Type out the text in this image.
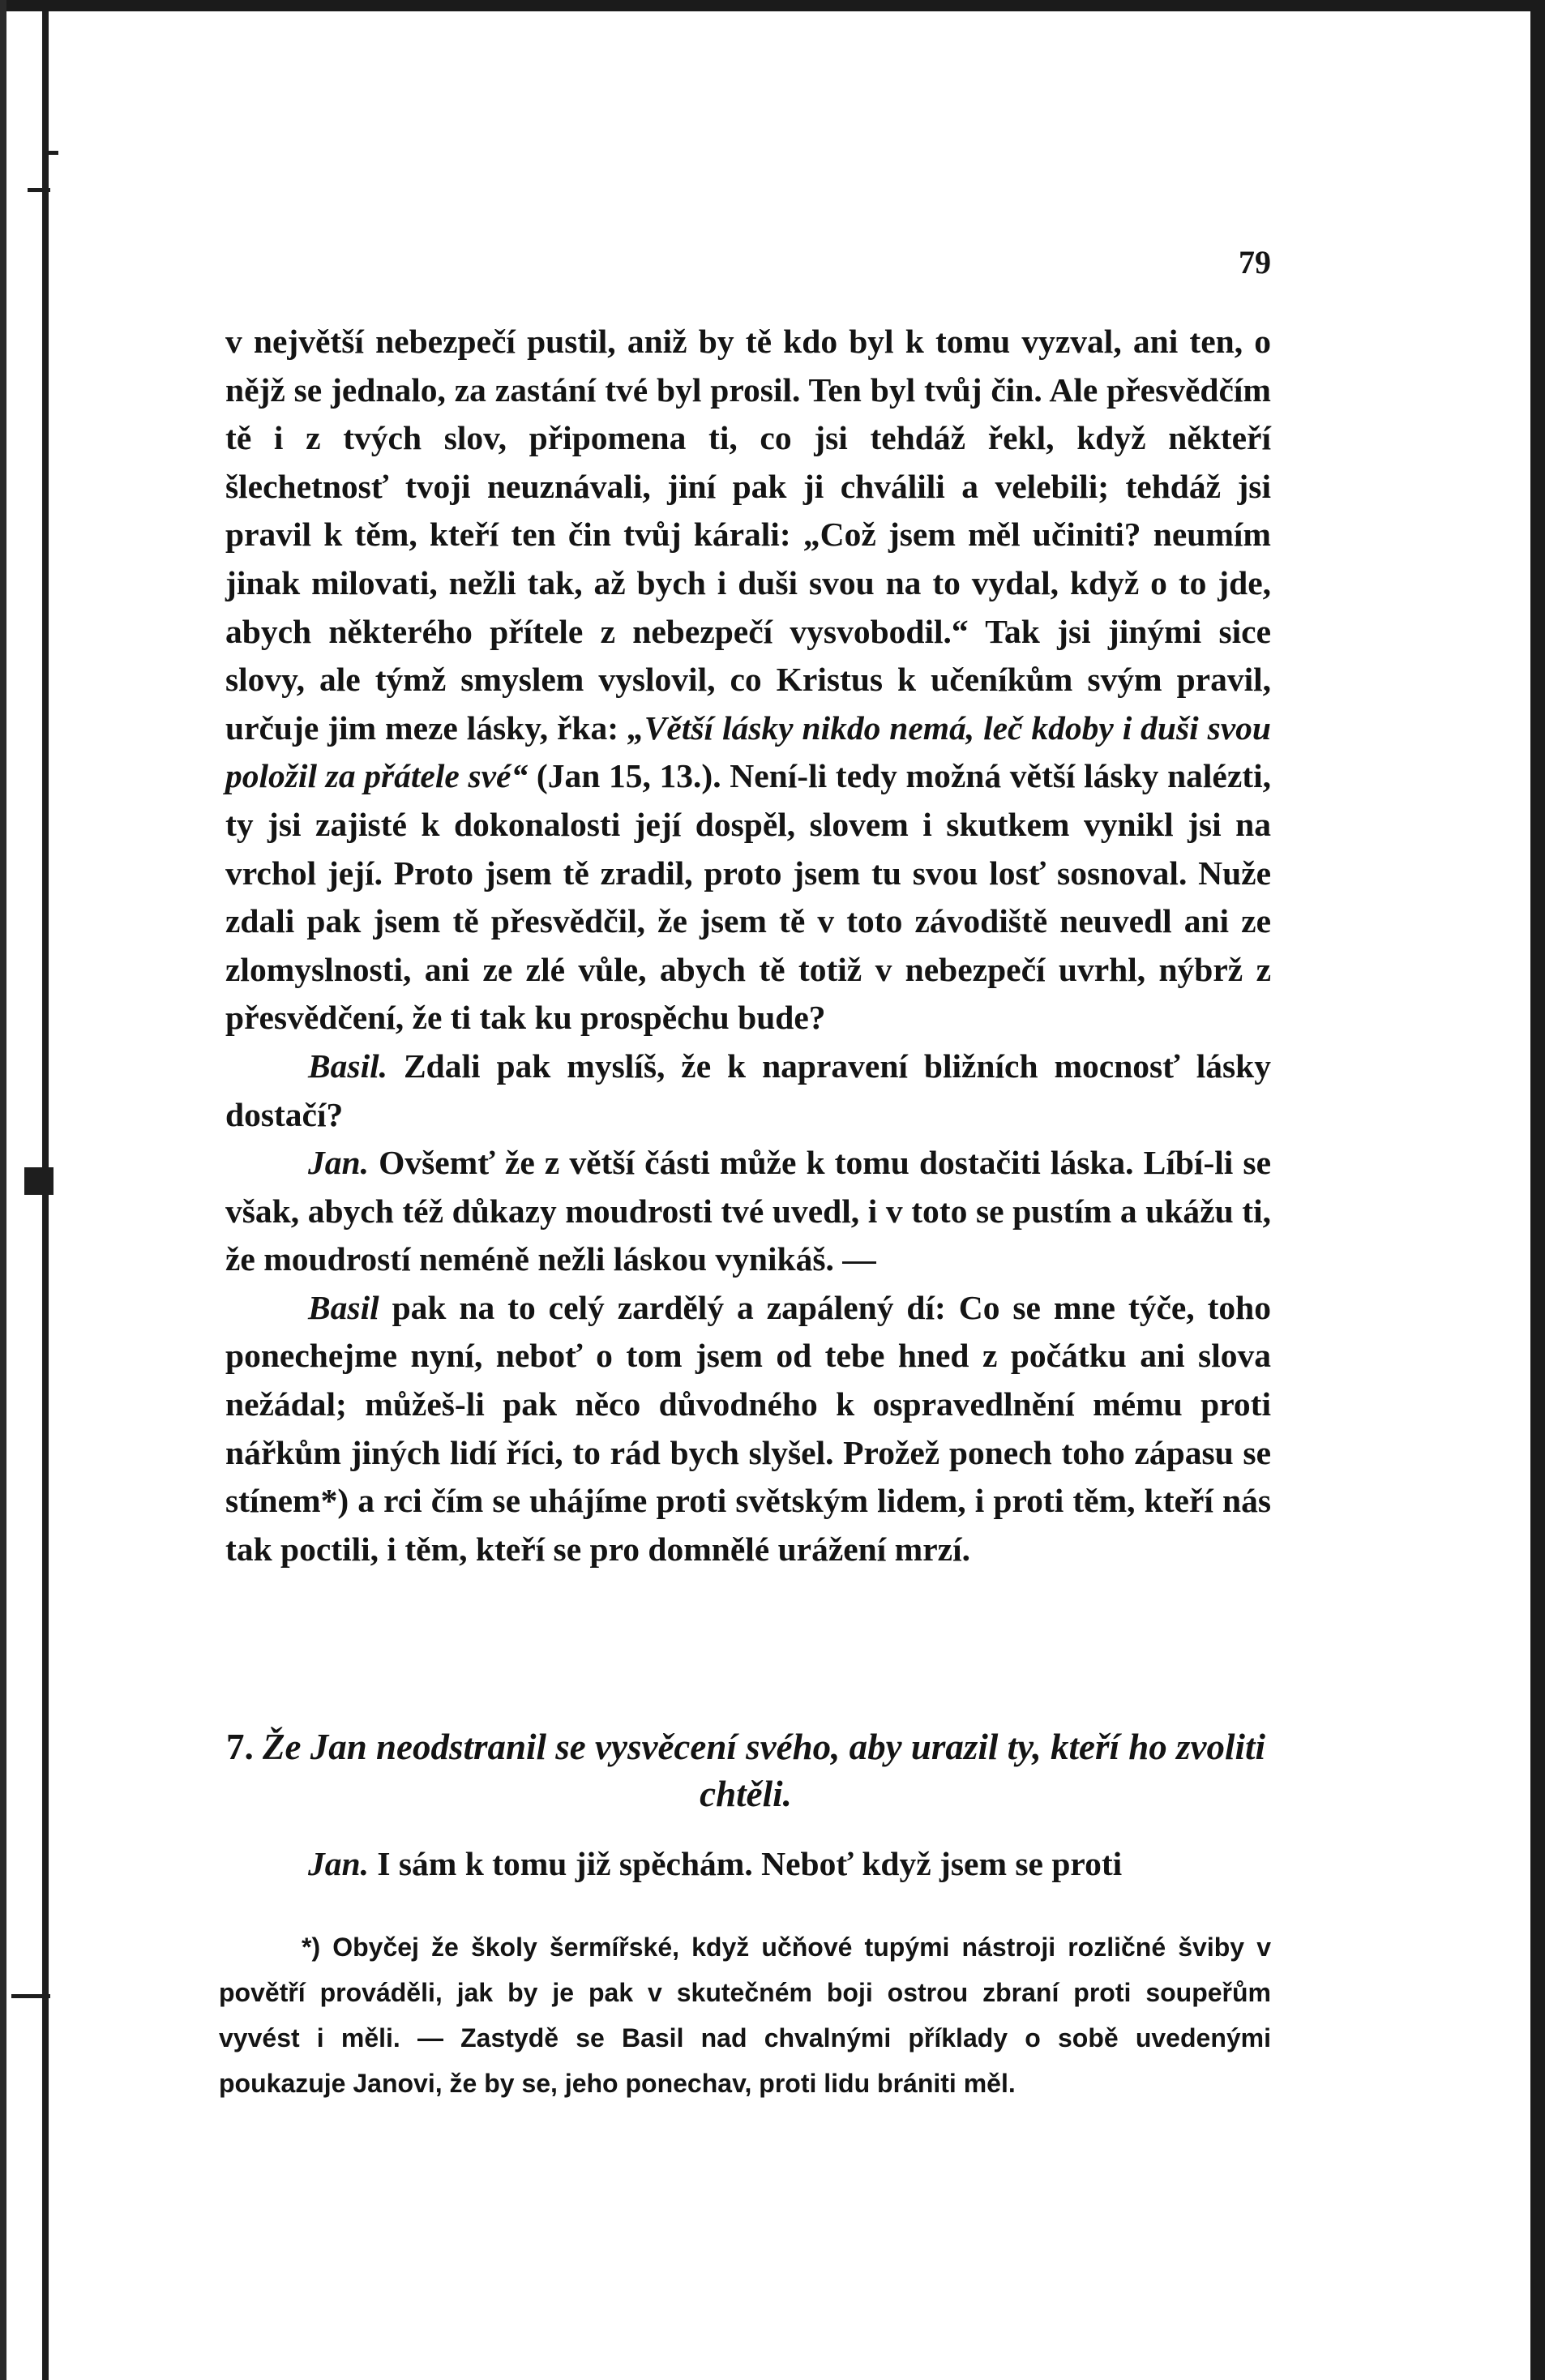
79

v největší nebezpečí pustil, aniž by tě kdo byl k tomu vyzval, ani ten, o nějž se jednalo, za zastání tvé byl prosil. Ten byl tvůj čin. Ale přesvědčím tě i z tvých slov, připomena ti, co jsi tehdáž řekl, když někteří šlechetnosť tvoji neuznávali, jiní pak ji chválili a velebili; tehdáž jsi pravil k těm, kteří ten čin tvůj kárali: „Což jsem měl učiniti? neumím jinak milovati, nežli tak, až bych i duši svou na to vydal, když o to jde, abych některého přítele z nebezpečí vysvobodil.“ Tak jsi jinými sice slovy, ale týmž smyslem vyslovil, co Kristus k učeníkům svým pravil, určuje jim meze lásky, řka: „Větší lásky nikdo nemá, leč kdoby i duši svou položil za přátele své“ (Jan 15, 13.). Není-li tedy možná větší lásky nalézti, ty jsi zajisté k dokonalosti její dospěl, slovem i skutkem vynikl jsi na vrchol její. Proto jsem tě zradil, proto jsem tu svou losť sosnoval. Nuže zdali pak jsem tě přesvědčil, že jsem tě v toto závodiště neuvedl ani ze zlomyslnosti, ani ze zlé vůle, abych tě totiž v nebezpečí uvrhl, nýbrž z přesvědčení, že ti tak ku prospěchu bude?

Basil. Zdali pak myslíš, že k napravení bližních mocnosť lásky dostačí?

Jan. Ovšemť že z větší části může k tomu dostačiti láska. Líbí-li se však, abych též důkazy moudrosti tvé uvedl, i v toto se pustím a ukážu ti, že moudrostí neméně nežli láskou vynikáš. —

Basil pak na to celý zardělý a zapálený dí: Co se mne týče, toho ponechejme nyní, neboť o tom jsem od tebe hned z počátku ani slova nežádal; můžeš-li pak něco důvodného k ospravedlnění mému proti nářkům jiných lidí říci, to rád bych slyšel. Prožež ponech toho zápasu se stínem*) a rci čím se uhájíme proti světským lidem, i proti těm, kteří nás tak poctili, i těm, kteří se pro domnělé urážení mrzí.

7. Že Jan neodstranil se vysvěcení svého, aby urazil ty, kteří ho zvoliti chtěli.
Jan. I sám k tomu již spěchám. Neboť když jsem se proti
*) Obyčej že školy šermířské, když učňové tupými nástroji rozličné šviby v povětří prováděli, jak by je pak v skutečném boji ostrou zbraní proti soupeřům vyvést i měli. — Zastydě se Basil nad chvalnými příklady o sobě uvedenými poukazuje Janovi, že by se, jeho ponechav, proti lidu brániti měl.
